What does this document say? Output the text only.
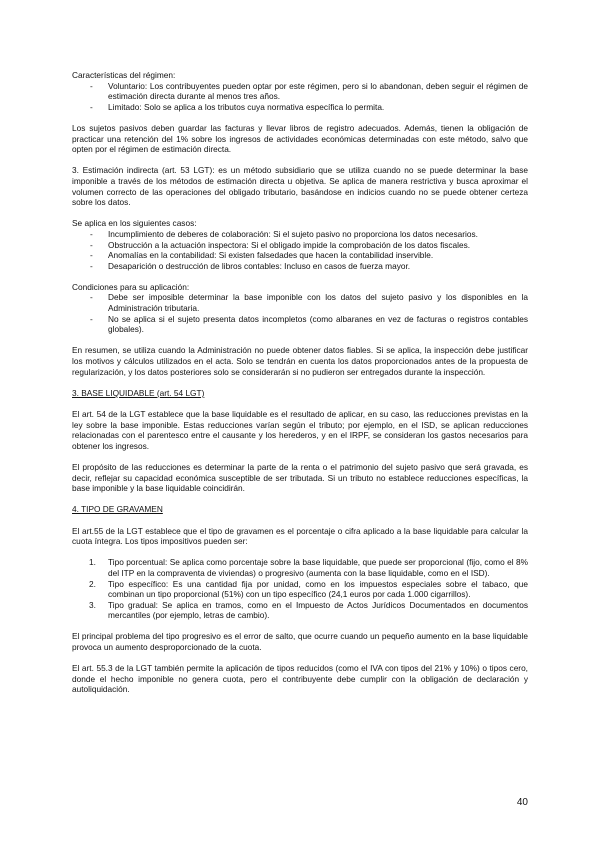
Características del régimen:

- Voluntario: Los contribuyentes pueden optar por este régimen, pero si lo abandonan, deben seguir el régimen de estimación directa durante al menos tres años.
- Limitado: Solo se aplica a los tributos cuya normativa específica lo permita.

Los sujetos pasivos deben guardar las facturas y llevar libros de registro adecuados. Además, tienen la obligación de practicar una retención del 1% sobre los ingresos de actividades económicas determinadas con este método, salvo que opten por el régimen de estimación directa.

3. Estimación indirecta (art. 53 LGT): es un método subsidiario que se utiliza cuando no se puede determinar la base imponible a través de los métodos de estimación directa u objetiva. Se aplica de manera restrictiva y busca aproximar el volumen correcto de las operaciones del obligado tributario, basándose en indicios cuando no se puede obtener certeza sobre los datos.

Se aplica en los siguientes casos:

- Incumplimiento de deberes de colaboración: Si el sujeto pasivo no proporciona los datos necesarios.
- Obstrucción a la actuación inspectora: Si el obligado impide la comprobación de los datos fiscales.
- Anomalías en la contabilidad: Si existen falsedades que hacen la contabilidad inservible.
- Desaparición o destrucción de libros contables: Incluso en casos de fuerza mayor.

Condiciones para su aplicación:

- Debe ser imposible determinar la base imponible con los datos del sujeto pasivo y los disponibles en la Administración tributaria.
- No se aplica si el sujeto presenta datos incompletos (como albaranes en vez de facturas o registros contables globales).

En resumen, se utiliza cuando la Administración no puede obtener datos fiables. Si se aplica, la inspección debe justificar los motivos y cálculos utilizados en el acta. Solo se tendrán en cuenta los datos proporcionados antes de la propuesta de regularización, y los datos posteriores solo se considerarán si no pudieron ser entregados durante la inspección.

3. BASE LIQUIDABLE (art. 54 LGT)

El art. 54 de la LGT establece que la base liquidable es el resultado de aplicar, en su caso, las reducciones previstas en la ley sobre la base imponible. Estas reducciones varían según el tributo; por ejemplo, en el ISD, se aplican reducciones relacionadas con el parentesco entre el causante y los herederos, y en el IRPF, se consideran los gastos necesarios para obtener los ingresos.

El propósito de las reducciones es determinar la parte de la renta o el patrimonio del sujeto pasivo que será gravada, es decir, reflejar su capacidad económica susceptible de ser tributada. Si un tributo no establece reducciones específicas, la base imponible y la base liquidable coincidirán.

4. TIPO DE GRAVAMEN

El art.55 de la LGT establece que el tipo de gravamen es el porcentaje o cifra aplicado a la base liquidable para calcular la cuota íntegra. Los tipos impositivos pueden ser:

1. Tipo porcentual: Se aplica como porcentaje sobre la base liquidable, que puede ser proporcional (fijo, como el 8% del ITP en la compraventa de viviendas) o progresivo (aumenta con la base liquidable, como en el ISD).
2. Tipo específico: Es una cantidad fija por unidad, como en los impuestos especiales sobre el tabaco, que combinan un tipo proporcional (51%) con un tipo específico (24,1 euros por cada 1.000 cigarrillos).
3. Tipo gradual: Se aplica en tramos, como en el Impuesto de Actos Jurídicos Documentados en documentos mercantiles (por ejemplo, letras de cambio).

El principal problema del tipo progresivo es el error de salto, que ocurre cuando un pequeño aumento en la base liquidable provoca un aumento desproporcionado de la cuota.

El art. 55.3 de la LGT también permite la aplicación de tipos reducidos (como el IVA con tipos del 21% y 10%) o tipos cero, donde el hecho imponible no genera cuota, pero el contribuyente debe cumplir con la obligación de declaración y autoliquidación.

40
